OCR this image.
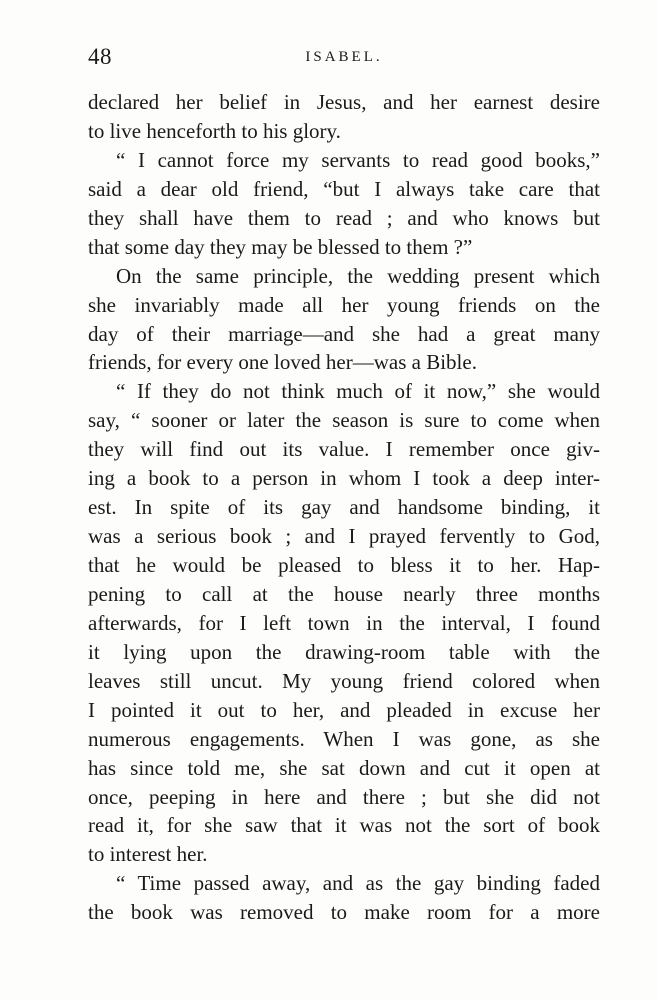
48	ISABEL.
declared her belief in Jesus, and her earnest desire
to live henceforth to his glory.
“ I cannot force my servants to read good books,”
said a dear old friend, “but I always take care that
they shall have them to read ; and who knows but
that some day they may be blessed to them ?”
On the same principle, the wedding present which
she invariably made all her young friends on the
day of their marriage—and she had a great many
friends, for every one loved her—was a Bible.
“ If they do not think much of it now,” she would
say, “ sooner or later the season is sure to come when
they will find out its value. I remember once giv-
ing a book to a person in whom I took a deep inter-
est. In spite of its gay and handsome binding, it
was a serious book ; and I prayed fervently to God,
that he would be pleased to bless it to her. Hap-
pening to call at the house nearly three months
afterwards, for I left town in the interval, I found
it lying upon the drawing-room table with the
leaves still uncut. My young friend colored when
I pointed it out to her, and pleaded in excuse her
numerous engagements. When I was gone, as she
has since told me, she sat down and cut it open at
once, peeping in here and there ; but she did not
read it, for she saw that it was not the sort of book
to interest her.
“ Time passed away, and as the gay binding faded
the book was removed to make room for a more
